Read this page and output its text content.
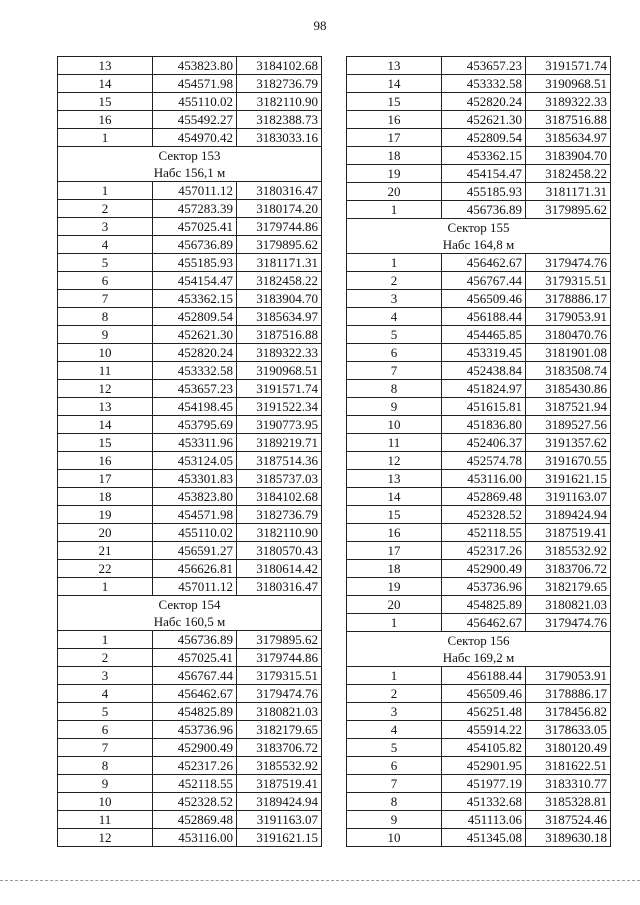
98
13	453823.80	3184102.68
14	454571.98	3182736.79
15	455110.02	3182110.90
16	455492.27	3182388.73
1	454970.42	3183033.16
Сектор 153		
Набс 156,1 м		
1	457011.12	3180316.47
2	457283.39	3180174.20
3	457025.41	3179744.86
4	456736.89	3179895.62
5	455185.93	3181171.31
6	454154.47	3182458.22
7	453362.15	3183904.70
8	452809.54	3185634.97
9	452621.30	3187516.88
10	452820.24	3189322.33
11	453332.58	3190968.51
12	453657.23	3191571.74
13	454198.45	3191522.34
14	453795.69	3190773.95
15	453311.96	3189219.71
16	453124.05	3187514.36
17	453301.83	3185737.03
18	453823.80	3184102.68
19	454571.98	3182736.79
20	455110.02	3182110.90
21	456591.27	3180570.43
22	456626.81	3180614.42
1	457011.12	3180316.47
Сектор 154		
Набс 160,5 м		
1	456736.89	3179895.62
2	457025.41	3179744.86
3	456767.44	3179315.51
4	456462.67	3179474.76
5	454825.89	3180821.03
6	453736.96	3182179.65
7	452900.49	3183706.72
8	452317.26	3185532.92
9	452118.55	3187519.41
10	452328.52	3189424.94
11	452869.48	3191163.07
12	453116.00	3191621.15
13	453657.23	3191571.74
14	453332.58	3190968.51
15	452820.24	3189322.33
16	452621.30	3187516.88
17	452809.54	3185634.97
18	453362.15	3183904.70
19	454154.47	3182458.22
20	455185.93	3181171.31
1	456736.89	3179895.62
Сектор 155		
Набс 164,8 м		
1	456462.67	3179474.76
2	456767.44	3179315.51
3	456509.46	3178886.17
4	456188.44	3179053.91
5	454465.85	3180470.76
6	453319.45	3181901.08
7	452438.84	3183508.74
8	451824.97	3185430.86
9	451615.81	3187521.94
10	451836.80	3189527.56
11	452406.37	3191357.62
12	452574.78	3191670.55
13	453116.00	3191621.15
14	452869.48	3191163.07
15	452328.52	3189424.94
16	452118.55	3187519.41
17	452317.26	3185532.92
18	452900.49	3183706.72
19	453736.96	3182179.65
20	454825.89	3180821.03
1	456462.67	3179474.76
Сектор 156		
Набс 169,2 м		
1	456188.44	3179053.91
2	456509.46	3178886.17
3	456251.48	3178456.82
4	455914.22	3178633.05
5	454105.82	3180120.49
6	452901.95	3181622.51
7	451977.19	3183310.77
8	451332.68	3185328.81
9	451113.06	3187524.46
10	451345.08	3189630.18
